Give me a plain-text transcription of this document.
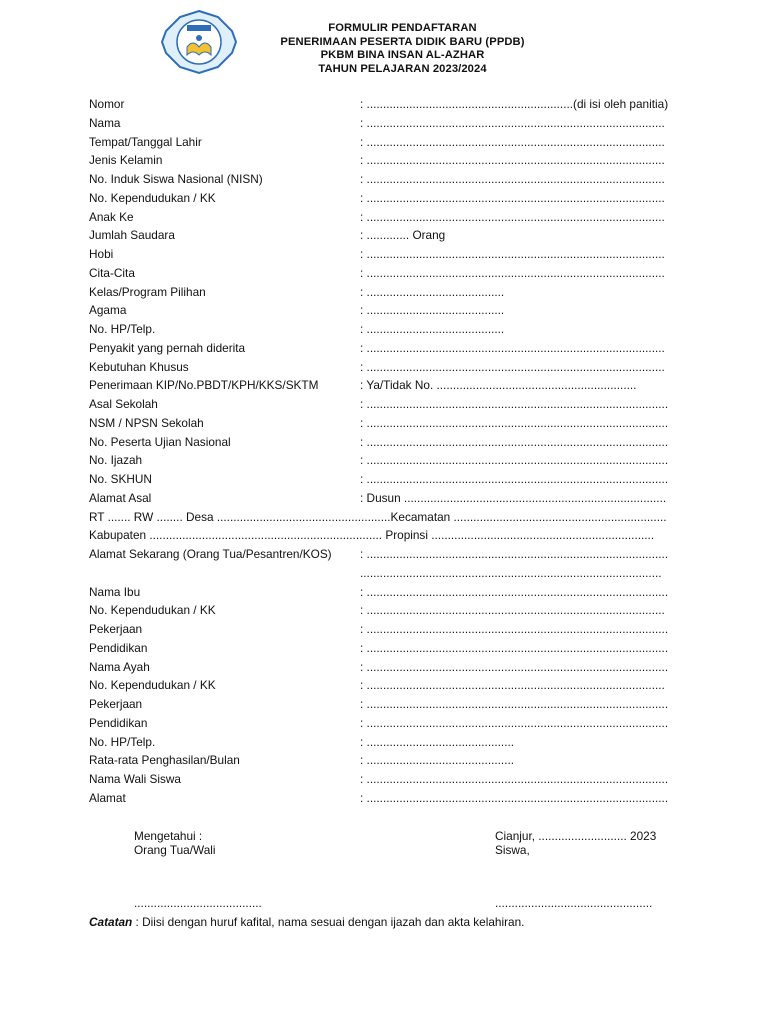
FORMULIR PENDAFTARAN
PENERIMAAN PESERTA DIDIK BARU (PPDB)
PKBM BINA INSAN AL-AZHAR
TAHUN PELAJARAN 2023/2024
Nomor	: ...............................................................(di isi oleh panitia)
Nama	: ...........................................................................................
Tempat/Tanggal Lahir	: ...........................................................................................
Jenis Kelamin	: ...........................................................................................
No. Induk Siswa Nasional (NISN)	: ...........................................................................................
No. Kependudukan / KK	: ...........................................................................................
Anak Ke	: ...........................................................................................
Jumlah Saudara	: ............. Orang
Hobi	: ...........................................................................................
Cita-Cita	: ...........................................................................................
Kelas/Program Pilihan	: ..........................................
Agama	: ..........................................
No. HP/Telp.	: ..........................................
Penyakit yang pernah diderita	: ...........................................................................................
Kebutuhan Khusus	: ...........................................................................................
Penerimaan KIP/No.PBDT/KPH/KKS/SKTM	: Ya/Tidak No. .............................................................
Asal Sekolah	: ............................................................................................
NSM / NPSN Sekolah	: ............................................................................................
No. Peserta Ujian Nasional	: ............................................................................................
No. Ijazah	: ............................................................................................
No. SKHUN	: ............................................................................................
Alamat Asal	: Dusun ................................................................................
RT ....... RW ........ Desa .....................................................Kecamatan .................................................................
Kabupaten ....................................................................... Propinsi ....................................................................
Alamat Sekarang (Orang Tua/Pesantren/KOS) : ............................................................................................
............................................................................................
Nama Ibu	: ............................................................................................
No. Kependudukan / KK	: ...........................................................................................
Pekerjaan	: ............................................................................................
Pendidikan	: ............................................................................................
Nama Ayah	: ............................................................................................
No. Kependudukan / KK	: ...........................................................................................
Pekerjaan	: ............................................................................................
Pendidikan	: ............................................................................................
No. HP/Telp.	: .............................................
Rata-rata Penghasilan/Bulan	: .............................................
Nama Wali Siswa	: ............................................................................................
Alamat	: ............................................................................................
Mengetahui :
Orang Tua/Wali
Cianjur, ........................... 2023
Siswa,
.......................................	................................................
Catatan : Diisi dengan huruf kafital, nama sesuai dengan ijazah dan akta kelahiran.
